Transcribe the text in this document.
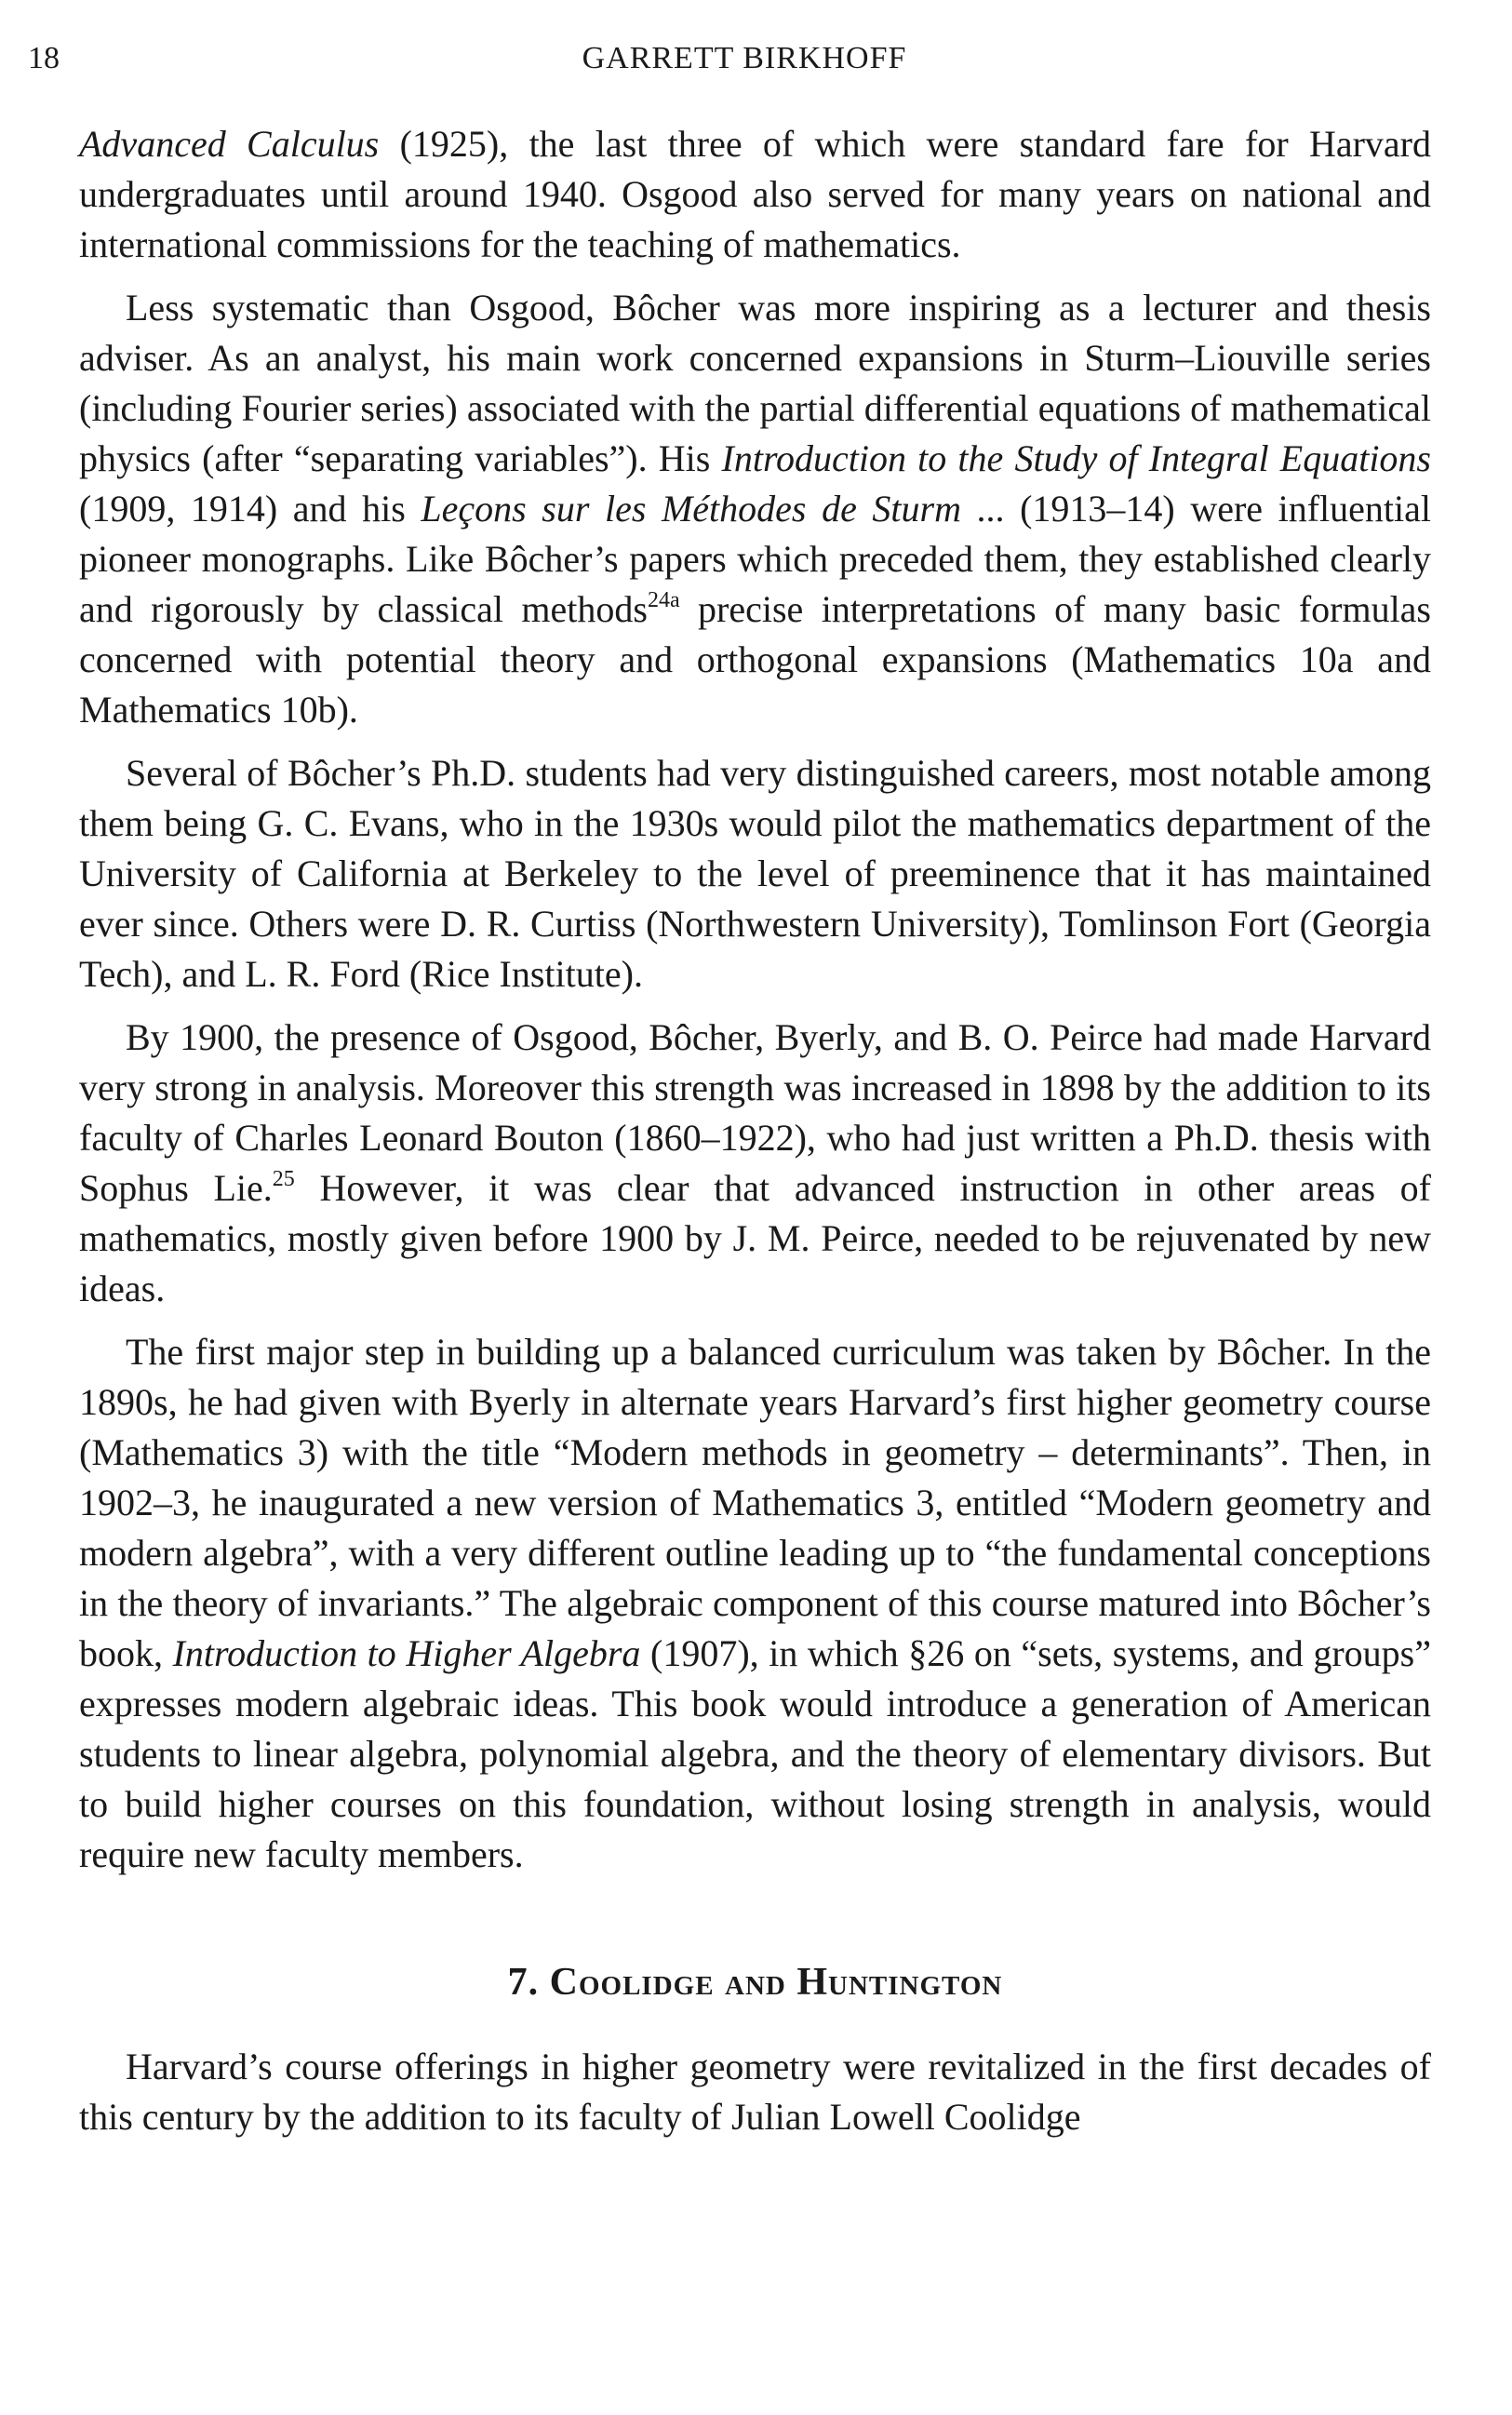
18	GARRETT BIRKHOFF

Advanced Calculus (1925), the last three of which were standard fare for Harvard undergraduates until around 1940. Osgood also served for many years on national and international commissions for the teaching of mathematics.

Less systematic than Osgood, Bôcher was more inspiring as a lecturer and thesis adviser. As an analyst, his main work concerned expansions in Sturm–Liouville series (including Fourier series) associated with the partial differential equations of mathematical physics (after “separating variables”). His Introduction to the Study of Integral Equations (1909, 1914) and his Leçons sur les Méthodes de Sturm ... (1913–14) were influential pioneer monographs. Like Bôcher’s papers which preceded them, they established clearly and rigorously by classical methods$^{24a}$ precise interpretations of many basic formulas concerned with potential theory and orthogonal expansions (Mathematics 10a and Mathematics 10b).

Several of Bôcher’s Ph.D. students had very distinguished careers, most notable among them being G. C. Evans, who in the 1930s would pilot the mathematics department of the University of California at Berkeley to the level of preeminence that it has maintained ever since. Others were D. R. Curtiss (Northwestern University), Tomlinson Fort (Georgia Tech), and L. R. Ford (Rice Institute).

By 1900, the presence of Osgood, Bôcher, Byerly, and B. O. Peirce had made Harvard very strong in analysis. Moreover this strength was increased in 1898 by the addition to its faculty of Charles Leonard Bouton (1860–1922), who had just written a Ph.D. thesis with Sophus Lie.$^{25}$ However, it was clear that advanced instruction in other areas of mathematics, mostly given before 1900 by J. M. Peirce, needed to be rejuvenated by new ideas.

The first major step in building up a balanced curriculum was taken by Bôcher. In the 1890s, he had given with Byerly in alternate years Harvard’s first higher geometry course (Mathematics 3) with the title “Modern methods in geometry – determinants”. Then, in 1902–3, he inaugurated a new version of Mathematics 3, entitled “Modern geometry and modern algebra”, with a very different outline leading up to “the fundamental conceptions in the theory of invariants.” The algebraic component of this course matured into Bôcher’s book, Introduction to Higher Algebra (1907), in which §26 on “sets, systems, and groups” expresses modern algebraic ideas. This book would introduce a generation of American students to linear algebra, polynomial algebra, and the theory of elementary divisors. But to build higher courses on this foundation, without losing strength in analysis, would require new faculty members.

7. Coolidge and Huntington

Harvard’s course offerings in higher geometry were revitalized in the first decades of this century by the addition to its faculty of Julian Lowell Coolidge
